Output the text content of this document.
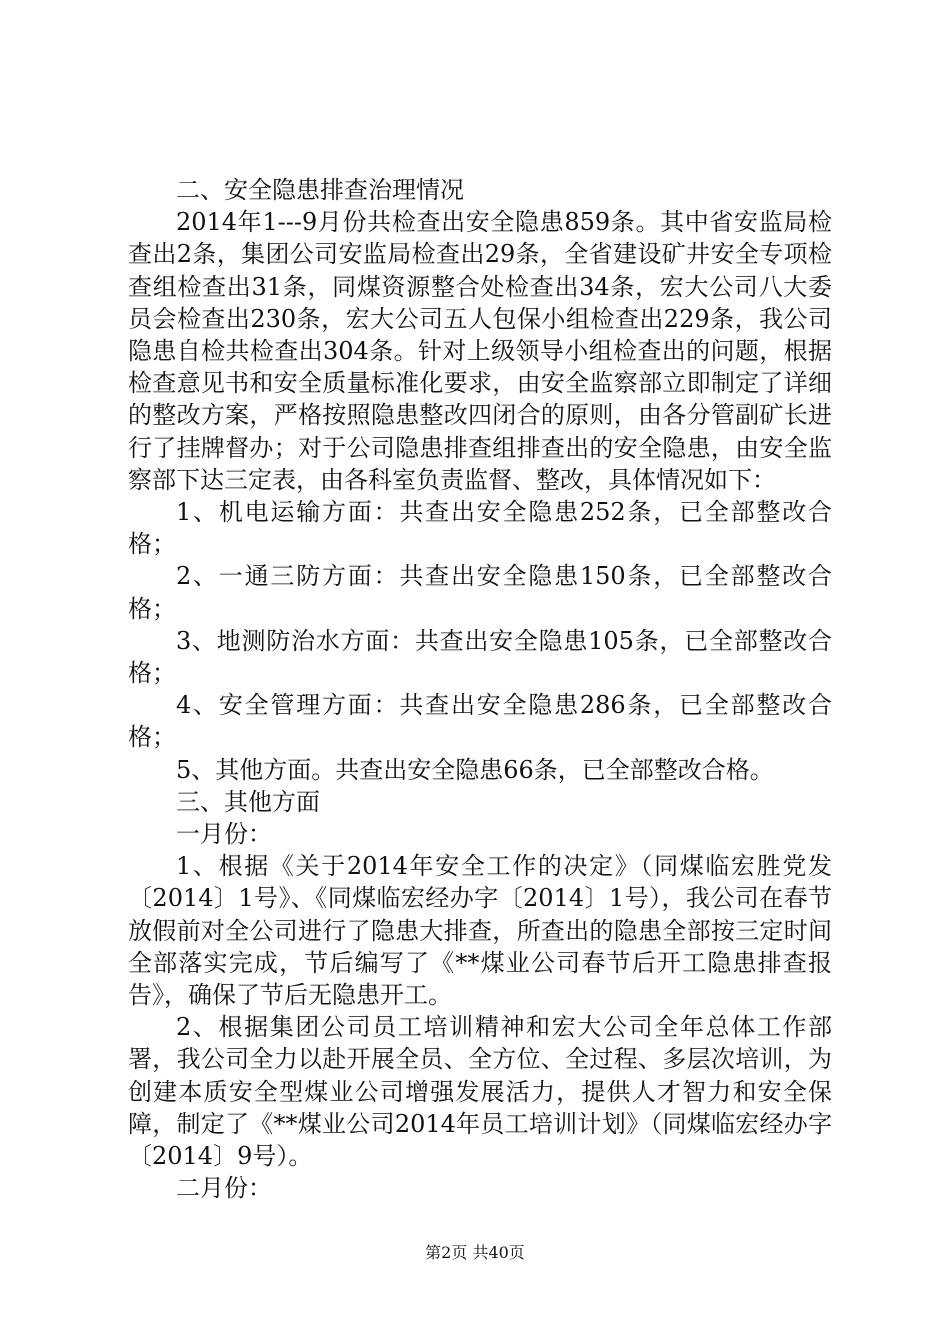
二、安全隐患排查治理情况

2014年1---9月份共检查出安全隐患859条。其中省安监局检查出2条，集团公司安监局检查出29条，全省建设矿井安全专项检查组检查出31条，同煤资源整合处检查出34条，宏大公司八大委员会检查出230条，宏大公司五人包保小组检查出229条，我公司隐患自检共检查出304条。针对上级领导小组检查出的问题，根据检查意见书和安全质量标准化要求，由安全监察部立即制定了详细的整改方案，严格按照隐患整改四闭合的原则，由各分管副矿长进行了挂牌督办；对于公司隐患排查组排查出的安全隐患，由安全监察部下达三定表，由各科室负责监督、整改，具体情况如下：

1、机电运输方面：共查出安全隐患252条，已全部整改合格；

2、一通三防方面：共查出安全隐患150条，已全部整改合格；

3、地测防治水方面：共查出安全隐患105条，已全部整改合格；

4、安全管理方面：共查出安全隐患286条，已全部整改合格；

5、其他方面。共查出安全隐患66条，已全部整改合格。

三、其他方面

一月份：

1、根据《关于2014年安全工作的决定》（同煤临宏胜党发〔2014〕1号》、《同煤临宏经办字〔2014〕1号），我公司在春节放假前对全公司进行了隐患大排查，所查出的隐患全部按三定时间全部落实完成，节后编写了《**煤业公司春节后开工隐患排查报告》，确保了节后无隐患开工。

2、根据集团公司员工培训精神和宏大公司全年总体工作部署，我公司全力以赴开展全员、全方位、全过程、多层次培训，为创建本质安全型煤业公司增强发展活力，提供人才智力和安全保障，制定了《**煤业公司2014年员工培训计划》（同煤临宏经办字〔2014〕9号）。

二月份：

第2页 共40页
